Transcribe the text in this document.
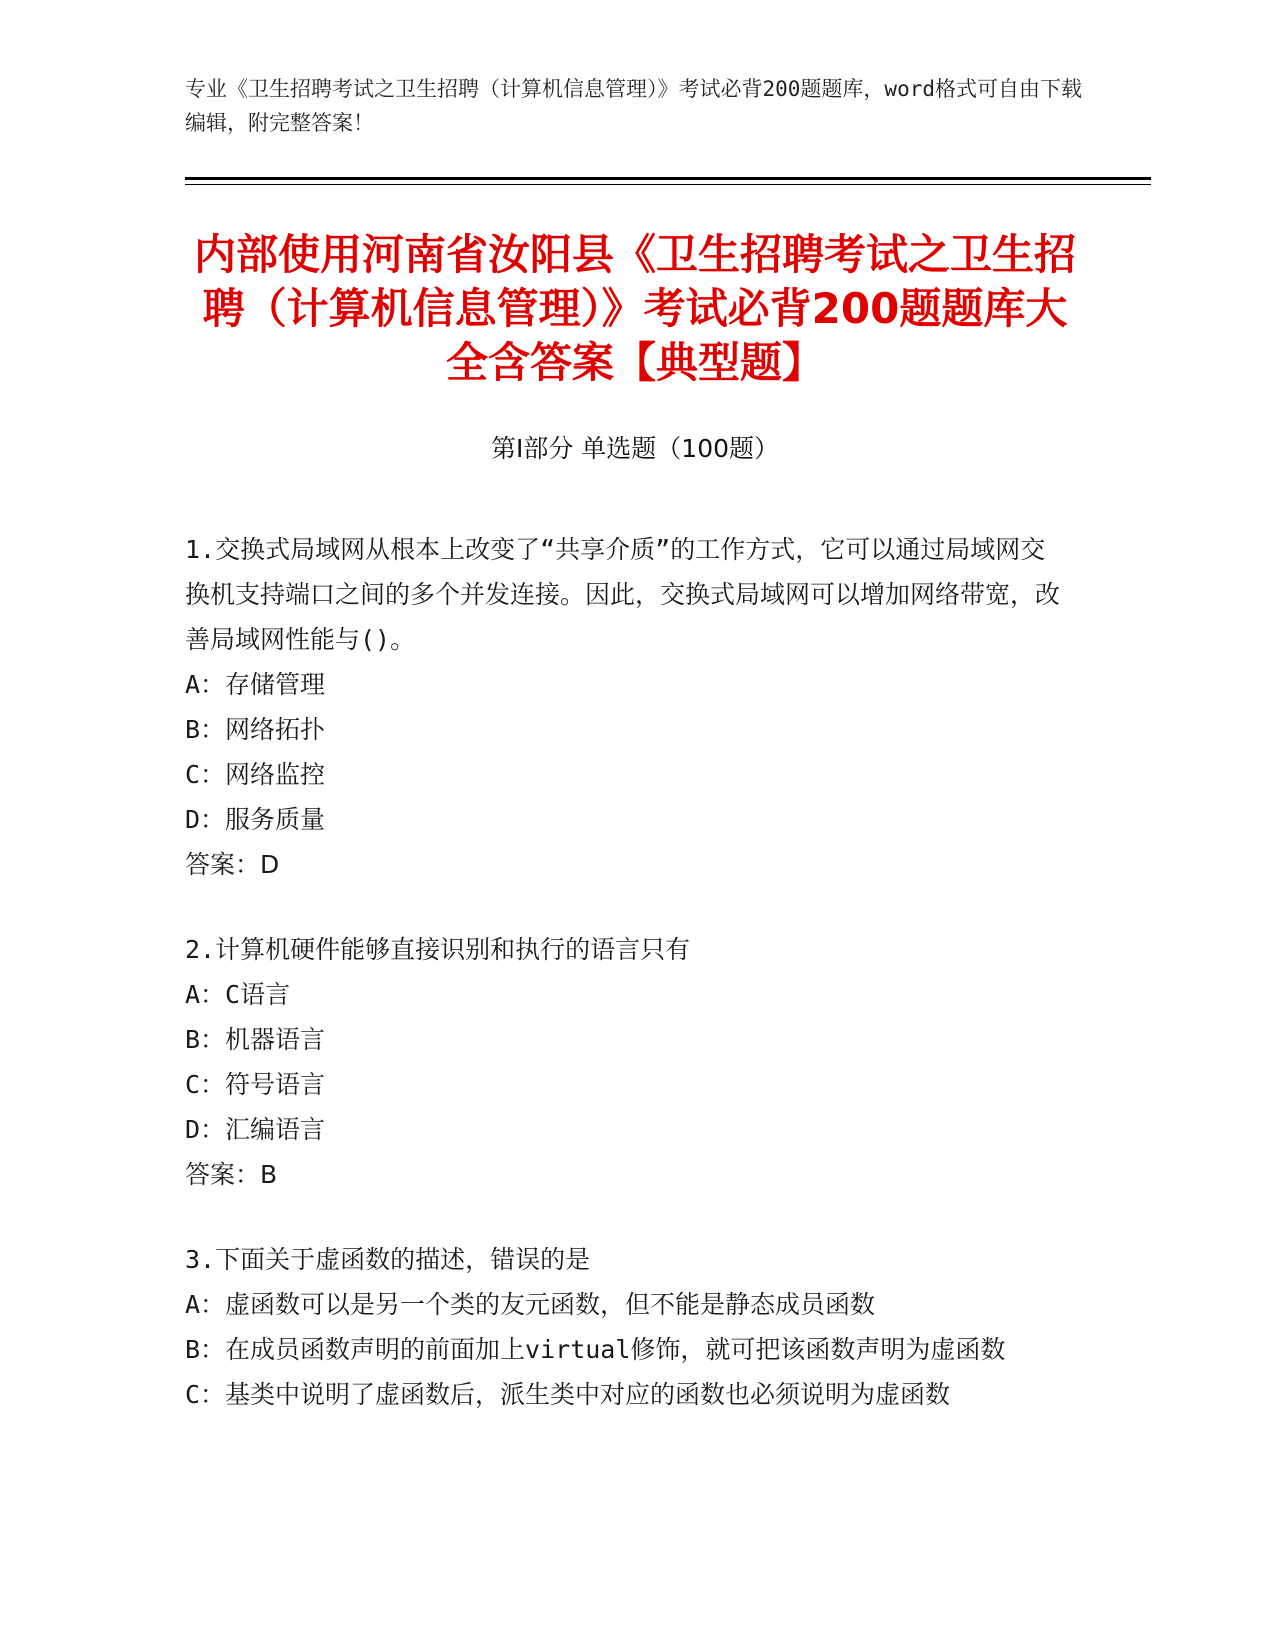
专业《卫生招聘考试之卫生招聘（计算机信息管理）》考试必背200题题库，word格式可自由下载编辑，附完整答案！
内部使用河南省汝阳县《卫生招聘考试之卫生招聘（计算机信息管理）》考试必背200题题库大全含答案【典型题】
第Ⅰ部分 单选题（100题）
1.交换式局域网从根本上改变了“共享介质”的工作方式，它可以通过局域网交换机支持端口之间的多个并发连接。因此，交换式局域网可以增加网络带宽，改善局域网性能与()。
A：存储管理
B：网络拓扑
C：网络监控
D：服务质量
答案：D
2.计算机硬件能够直接识别和执行的语言只有
A：C语言
B：机器语言
C：符号语言
D：汇编语言
答案：B
3.下面关于虚函数的描述，错误的是
A：虚函数可以是另一个类的友元函数，但不能是静态成员函数
B：在成员函数声明的前面加上virtual修饰，就可把该函数声明为虚函数
C：基类中说明了虚函数后，派生类中对应的函数也必须说明为虚函数
